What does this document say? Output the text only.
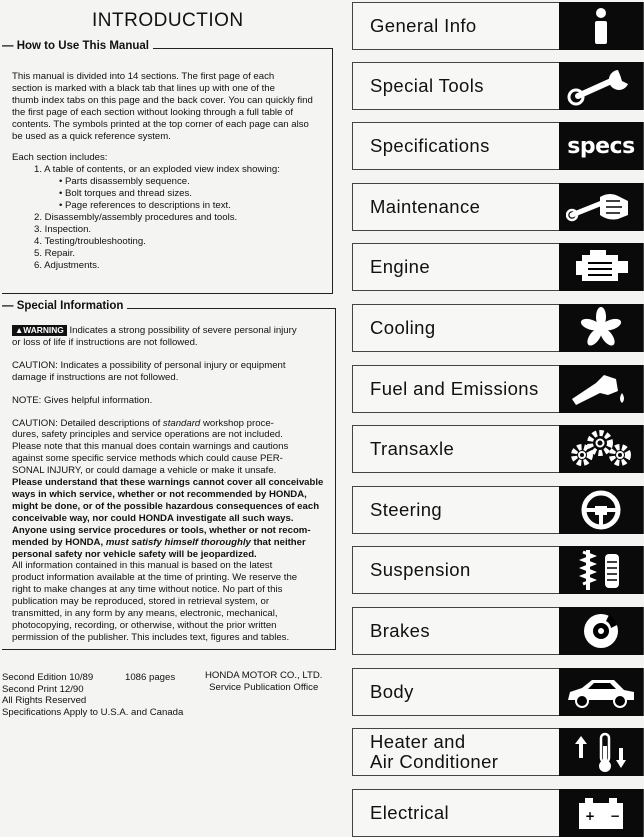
INTRODUCTION
— How to Use This Manual

This manual is divided into 14 sections. The first page of each

section is marked with a black tab that lines up with one of the

thumb index tabs on this page and the back cover. You can quickly find

the first page of each section without looking through a full table of

contents. The symbols printed at the top corner of each page can also

be used as a quick reference system.

Each section includes:

1. A table of contents, or an exploded view index showing:

• Parts disassembly sequence.

• Bolt torques and thread sizes.

• Page references to descriptions in text.

2. Disassembly/assembly procedures and tools.

3. Inspection.

4. Testing/troubleshooting.

5. Repair.

6. Adjustments.

— Special Information

▲WARNING Indicates a strong possibility of severe personal injury

or loss of life if instructions are not followed.

CAUTION: Indicates a possibility of personal injury or equipment

damage if instructions are not followed.

NOTE: Gives helpful information.

CAUTION: Detailed descriptions of standard workshop proce-

dures, safety principles and service operations are not included.

Please note that this manual does contain warnings and cautions

against some specific service methods which could cause PER-

SONAL INJURY, or could damage a vehicle or make it unsafe.

Please understand that these warnings cannot cover all conceivable

ways in which service, whether or not recommended by HONDA,

might be done, or of the possible hazardous consequences of each

conceivable way, nor could HONDA investigate all such ways.

Anyone using service procedures or tools, whether or not recom-

mended by HONDA, must satisfy himself thoroughly that neither

personal safety nor vehicle safety will be jeopardized.

All information contained in this manual is based on the latest

product information available at the time of printing. We reserve the

right to make changes at any time without notice. No part of this

publication may be reproduced, stored in retrieval system, or

transmitted, in any form by any means, electronic, mechanical,

photocopying, recording, or otherwise, without the prior written

permission of the publisher. This includes text, figures and tables.

Second Edition 10/89
Second Print 12/90
All Rights Reserved
Specifications Apply to U.S.A. and Canada
1086 pages	HONDA MOTOR CO., LTD.
Service Publication Office
General Info
Special Tools
Specifications	specs
Maintenance
Engine
Cooling
Fuel and Emissions
Transaxle
Steering
Suspension
Brakes
Body
Heater and
Air Conditioner
Electrical	+ −
